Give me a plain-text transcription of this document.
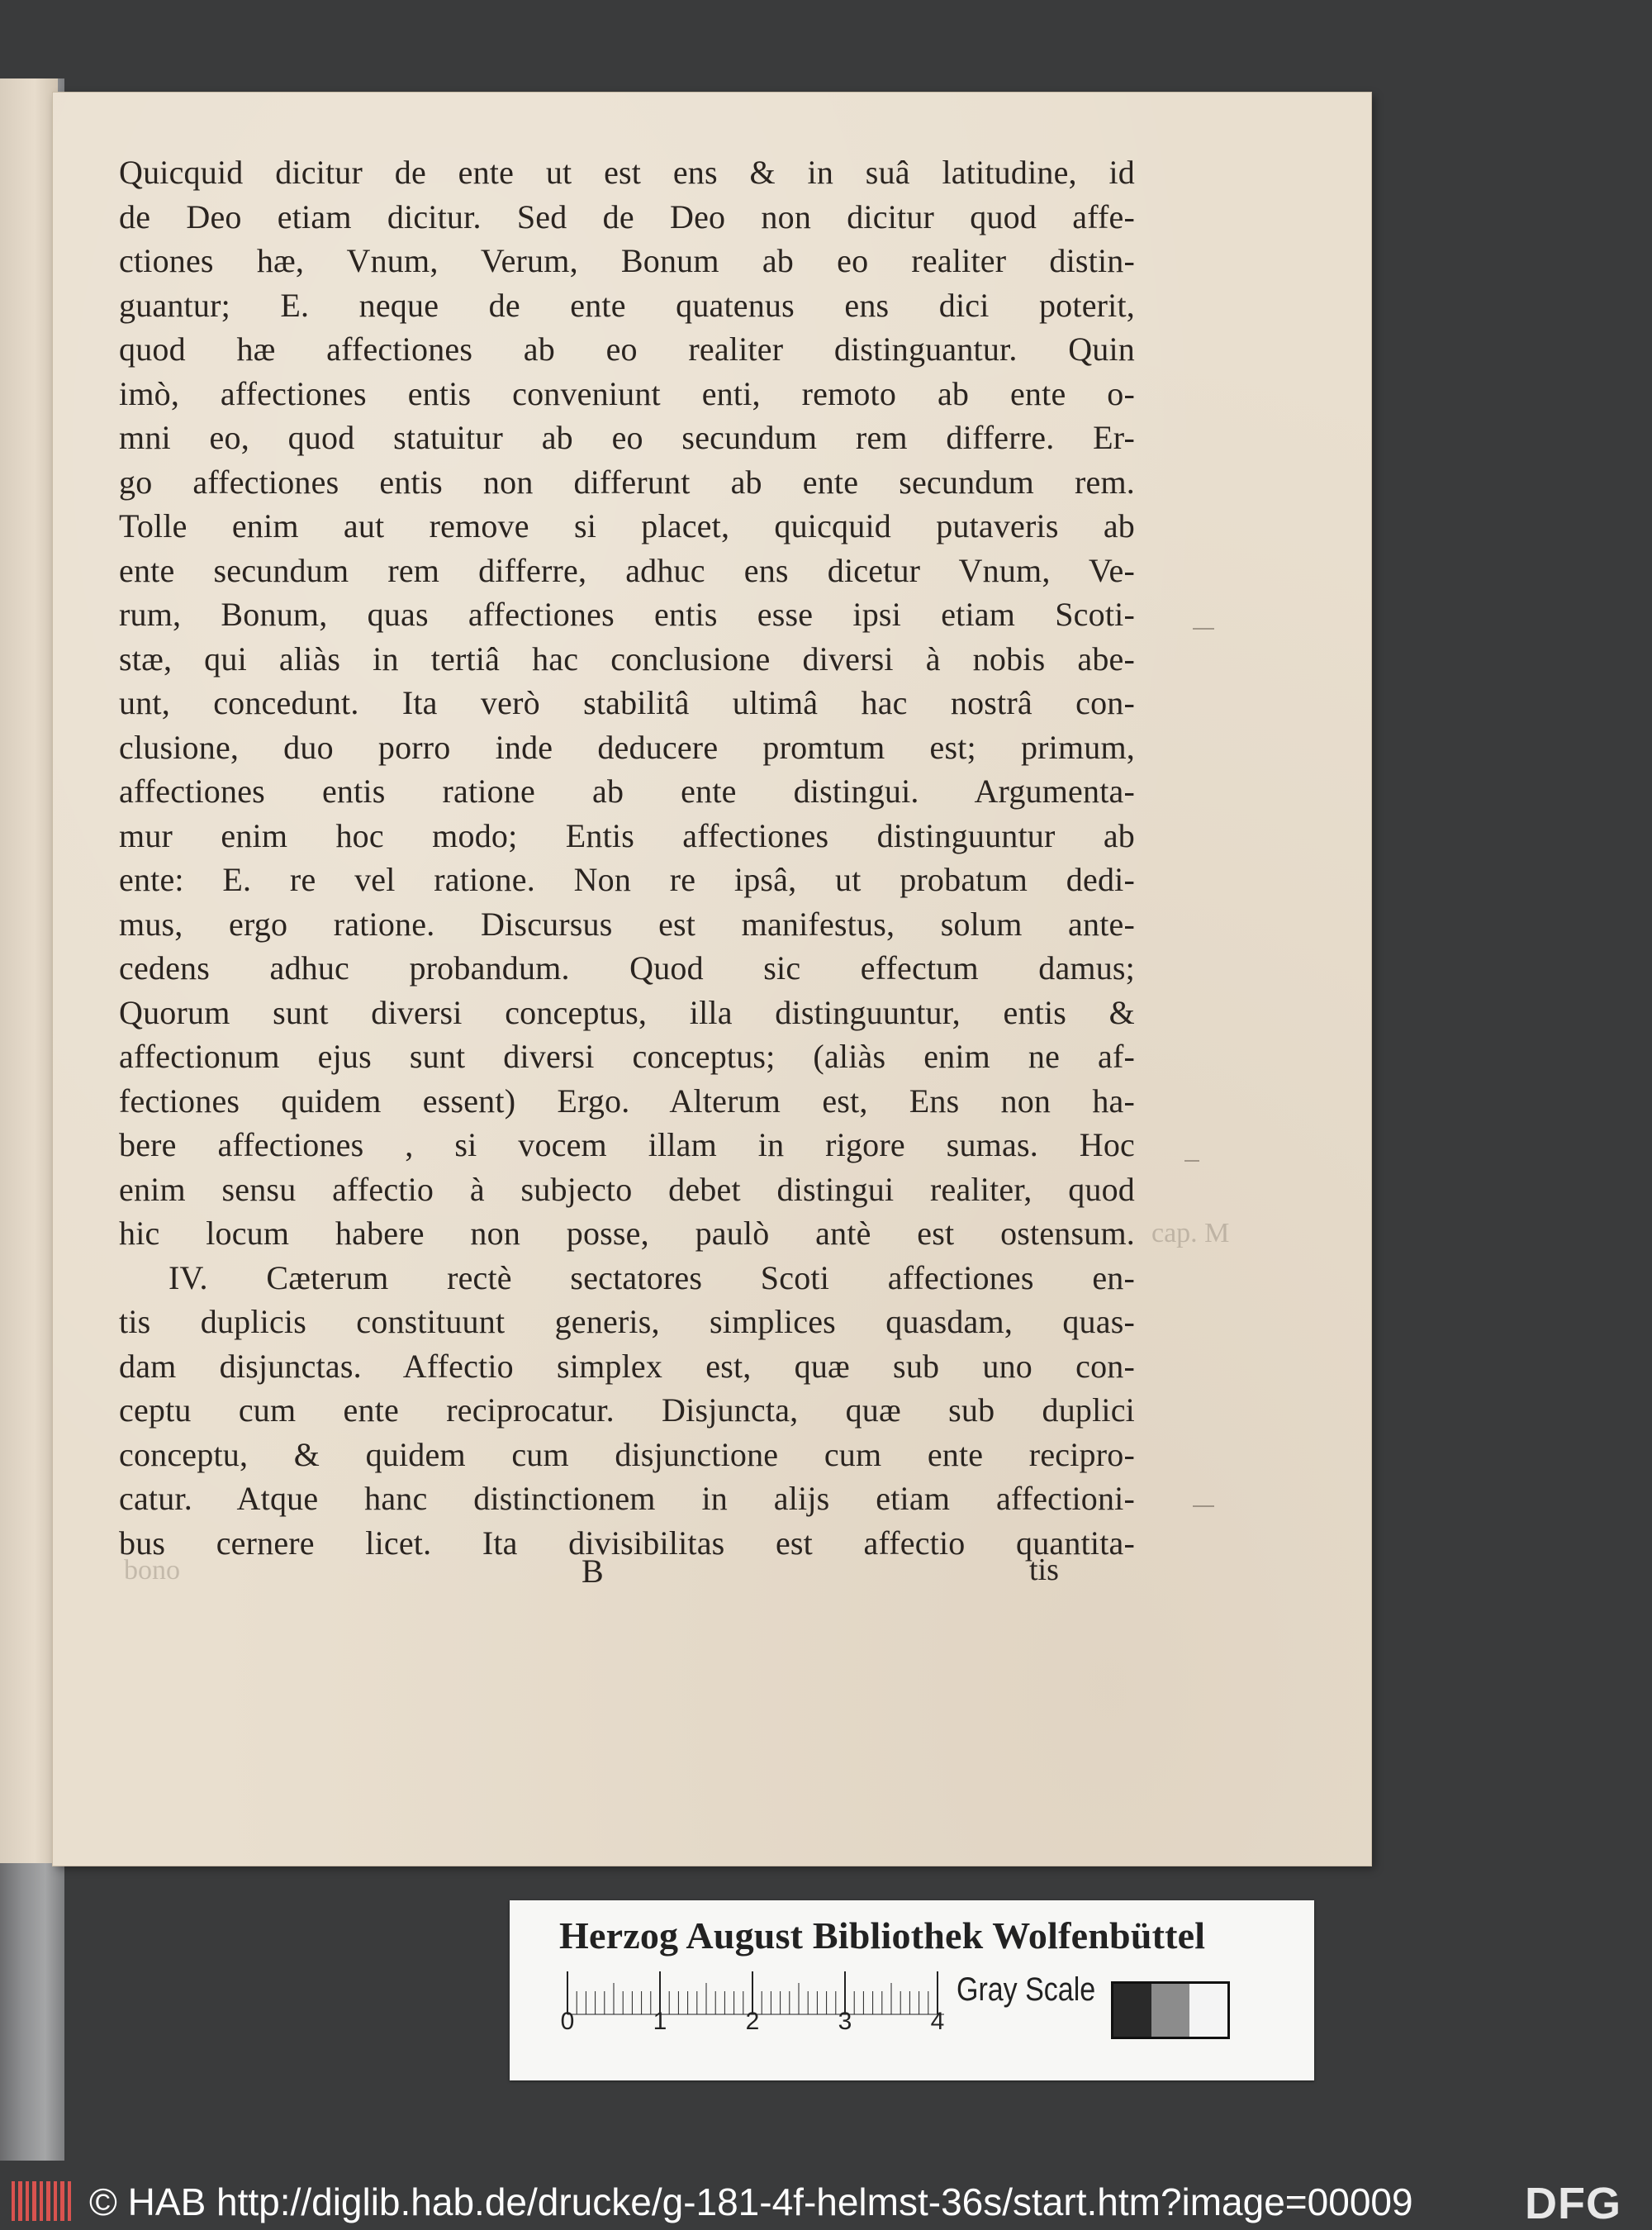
Quicquid dicitur de ente ut est ens & in suâ latitudine, id
de Deo etiam dicitur. Sed de Deo non dicitur quod affe-
ctiones hæ, Vnum, Verum, Bonum ab eo realiter distin-
guantur; E. neque de ente quatenus ens dici poterit,
quod hæ affectiones ab eo realiter distinguantur. Quin
imò, affectiones entis conveniunt enti, remoto ab ente o-
mni eo, quod statuitur ab eo secundum rem differre. Er-
go affectiones entis non differunt ab ente secundum rem.
Tolle enim aut remove si placet, quicquid putaveris ab
ente secundum rem differre, adhuc ens dicetur Vnum, Ve-
rum, Bonum, quas affectiones entis esse ipsi etiam Scoti-
stæ, qui aliàs in tertiâ hac conclusione diversi à nobis abe-
unt, concedunt. Ita verò stabilitâ ultimâ hac nostrâ con-
clusione, duo porro inde deducere promtum est; primum,
affectiones entis ratione ab ente distingui. Argumenta-
mur enim hoc modo; Entis affectiones distinguuntur ab
ente: E. re vel ratione. Non re ipsâ, ut probatum dedi-
mus, ergo ratione. Discursus est manifestus, solum ante-
cedens adhuc probandum. Quod sic effectum damus;
Quorum sunt diversi conceptus, illa distinguuntur, entis &
affectionum ejus sunt diversi conceptus; (aliàs enim ne af-
fectiones quidem essent) Ergo. Alterum est, Ens non ha-
bere affectiones , si vocem illam in rigore sumas. Hoc
enim sensu affectio à subjecto debet distingui realiter, quod
hic locum habere non posse, paulò antè est ostensum.
IV. Cæterum rectè sectatores Scoti affectiones en-
tis duplicis constituunt generis, simplices quasdam, quas-
dam disjunctas. Affectio simplex est, quæ sub uno con-
ceptu cum ente reciprocatur. Disjuncta, quæ sub duplici
conceptu, & quidem cum disjunctione cum ente recipro-
catur. Atque hanc distinctionem in alijs etiam affectioni-
bus cernere licet. Ita divisibilitas est affectio quantita-
bono
cap. M
B	tis
Herzog August Bibliothek Wolfenbüttel
0	1	2	3	4
Gray Scale
© HAB http://diglib.hab.de/drucke/g-181-4f-helmst-36s/start.htm?image=00009	DFG
